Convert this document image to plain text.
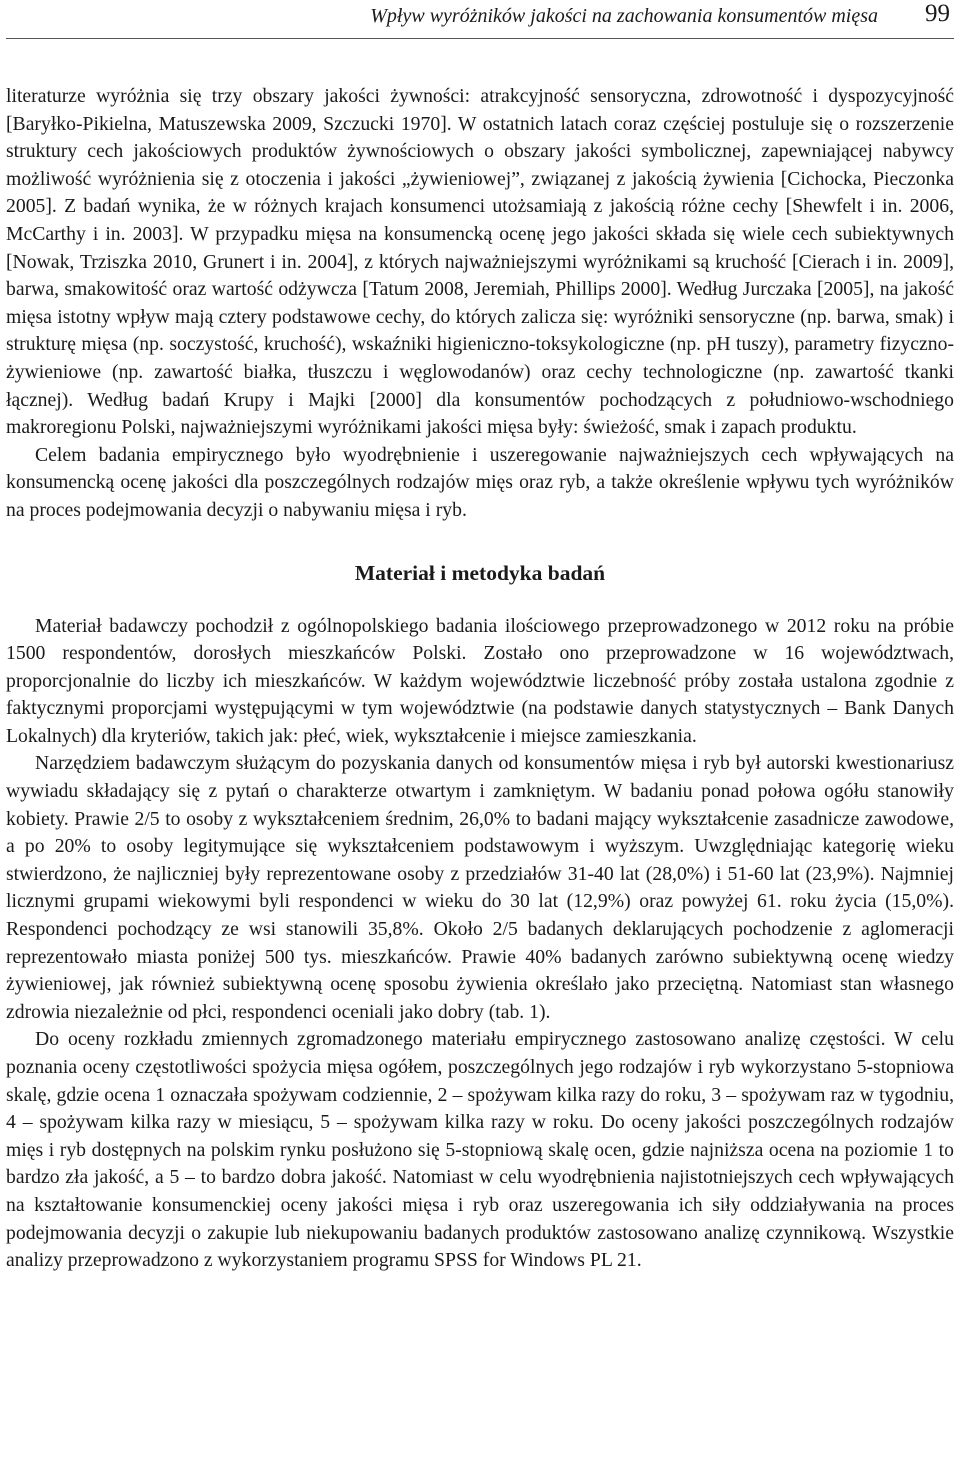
Wpływ wyróżników jakości na zachowania konsumentów mięsa 99

literaturze wyróżnia się trzy obszary jakości żywności: atrakcyjność sensoryczna, zdrowotność i dyspozycyjność [Baryłko-Pikielna, Matuszewska 2009, Szczucki 1970]. W ostatnich latach coraz częściej postuluje się o rozszerzenie struktury cech jakościowych produktów żywnościowych o obszary jakości symbolicznej, zapewniającej nabywcy możliwość wyróżnienia się z otoczenia i jakości „żywieniowej”, związanej z jakością żywienia [Cichocka, Pieczonka 2005]. Z badań wynika, że w różnych krajach konsumenci utożsamiają z jakością różne cechy [Shewfelt i in. 2006, McCarthy i in. 2003]. W przypadku mięsa na konsumencką ocenę jego jakości składa się wiele cech subiektywnych [Nowak, Trziszka 2010, Grunert i in. 2004], z których najważniejszymi wyróżnikami są kruchość [Cierach i in. 2009], barwa, smakowitość oraz wartość odżywcza [Tatum 2008, Jeremiah, Phillips 2000]. Według Jurczaka [2005], na jakość mięsa istotny wpływ mają cztery podstawowe cechy, do których zalicza się: wyróżniki sensoryczne (np. barwa, smak) i strukturę mięsa (np. soczystość, kruchość), wskaźniki higieniczno-toksykologiczne (np. pH tuszy), parametry fizyczno-żywieniowe (np. zawartość białka, tłuszczu i węglowodanów) oraz cechy technologiczne (np. zawartość tkanki łącznej). Według badań Krupy i Majki [2000] dla konsumentów pochodzących z południowo-wschodniego makroregionu Polski, najważniejszymi wyróżnikami jakości mięsa były: świeżość, smak i zapach produktu.

Celem badania empirycznego było wyodrębnienie i uszeregowanie najważniejszych cech wpływających na konsumencką ocenę jakości dla poszczególnych rodzajów mięs oraz ryb, a także określenie wpływu tych wyróżników na proces podejmowania decyzji o nabywaniu mięsa i ryb.

Materiał i metodyka badań

Materiał badawczy pochodził z ogólnopolskiego badania ilościowego przeprowadzonego w 2012 roku na próbie 1500 respondentów, dorosłych mieszkańców Polski. Zostało ono przeprowadzone w 16 województwach, proporcjonalnie do liczby ich mieszkańców. W każdym województwie liczebność próby została ustalona zgodnie z faktycznymi proporcjami występującymi w tym województwie (na podstawie danych statystycznych – Bank Danych Lokalnych) dla kryteriów, takich jak: płeć, wiek, wykształcenie i miejsce zamieszkania.

Narzędziem badawczym służącym do pozyskania danych od konsumentów mięsa i ryb był autorski kwestionariusz wywiadu składający się z pytań o charakterze otwartym i zamkniętym. W badaniu ponad połowa ogółu stanowiły kobiety. Prawie 2/5 to osoby z wykształceniem średnim, 26,0% to badani mający wykształcenie zasadnicze zawodowe, a po 20% to osoby legitymujące się wykształceniem podstawowym i wyższym. Uwzględniając kategorię wieku stwierdzono, że najliczniej były reprezentowane osoby z przedziałów 31-40 lat (28,0%) i 51-60 lat (23,9%). Najmniej licznymi grupami wiekowymi byli respondenci w wieku do 30 lat (12,9%) oraz powyżej 61. roku życia (15,0%). Respondenci pochodzący ze wsi stanowili 35,8%. Około 2/5 badanych deklarujących pochodzenie z aglomeracji reprezentowało miasta poniżej 500 tys. mieszkańców. Prawie 40% badanych zarówno subiektywną ocenę wiedzy żywieniowej, jak również subiektywną ocenę sposobu żywienia określało jako przeciętną. Natomiast stan własnego zdrowia niezależnie od płci, respondenci oceniali jako dobry (tab. 1).

Do oceny rozkładu zmiennych zgromadzonego materiału empirycznego zastosowano analizę częstości. W celu poznania oceny częstotliwości spożycia mięsa ogółem, poszczególnych jego rodzajów i ryb wykorzystano 5-stopniowa skalę, gdzie ocena 1 oznaczała spożywam codziennie, 2 – spożywam kilka razy do roku, 3 – spożywam raz w tygodniu, 4 – spożywam kilka razy w miesiącu, 5 – spożywam kilka razy w roku. Do oceny jakości poszczególnych rodzajów mięs i ryb dostępnych na polskim rynku posłużono się 5-stopniową skalę ocen, gdzie najniższa ocena na poziomie 1 to bardzo zła jakość, a 5 – to bardzo dobra jakość. Natomiast w celu wyodrębnienia najistotniejszych cech wpływających na kształtowanie konsumenckiej oceny jakości mięsa i ryb oraz uszeregowania ich siły oddziaływania na proces podejmowania decyzji o zakupie lub niekupowaniu badanych produktów zastosowano analizę czynnikową. Wszystkie analizy przeprowadzono z wykorzystaniem programu SPSS for Windows PL 21.
